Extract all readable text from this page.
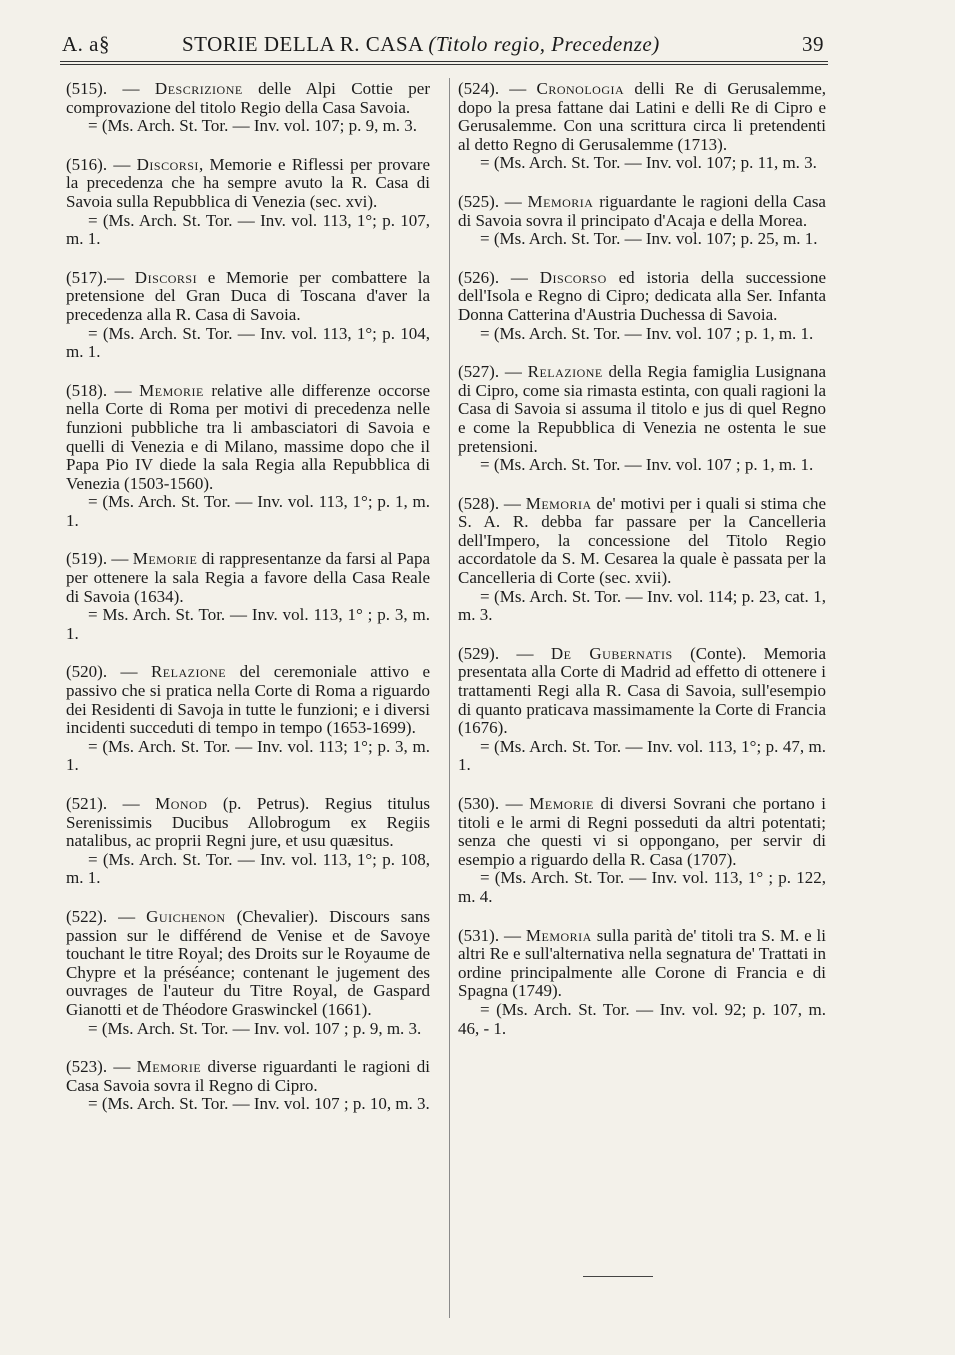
A. a§	STORIE DELLA R. CASA (Titolo regio, Precedenze)	39

(515). — Descrizione delle Alpi Cottie per comprovazione del titolo Regio della Casa Savoia.

= (Ms. Arch. St. Tor. — Inv. vol. 107; p. 9, m. 3.

(516). — Discorsi, Memorie e Riflessi per provare la precedenza che ha sempre avuto la R. Casa di Savoia sulla Repubblica di Venezia (sec. xvi).

= (Ms. Arch. St. Tor. — Inv. vol. 113, 1°; p. 107, m. 1.

(517).— Discorsi e Memorie per combattere la pretensione del Gran Duca di Toscana d'aver la precedenza alla R. Casa di Savoia.

= (Ms. Arch. St. Tor. — Inv. vol. 113, 1°; p. 104, m. 1.

(518). — Memorie relative alle differenze occorse nella Corte di Roma per motivi di precedenza nelle funzioni pubbliche tra li ambasciatori di Savoia e quelli di Venezia e di Milano, massime dopo che il Papa Pio IV diede la sala Regia alla Repubblica di Venezia (1503-1560).

= (Ms. Arch. St. Tor. — Inv. vol. 113, 1°; p. 1, m. 1.

(519). — Memorie di rappresentanze da farsi al Papa per ottenere la sala Regia a favore della Casa Reale di Savoia (1634).

= Ms. Arch. St. Tor. — Inv. vol. 113, 1° ; p. 3, m. 1.

(520). — Relazione del ceremoniale attivo e passivo che si pratica nella Corte di Roma a riguardo dei Residenti di Savoja in tutte le funzioni; e i diversi incidenti succeduti di tempo in tempo (1653-1699).

= (Ms. Arch. St. Tor. — Inv. vol. 113; 1°; p. 3, m. 1.

(521). — Monod (p. Petrus). Regius titulus Serenissimis Ducibus Allobrogum ex Regiis natalibus, ac proprii Regni jure, et usu quæsitus.

= (Ms. Arch. St. Tor. — Inv. vol. 113, 1°; p. 108, m. 1.

(522). — Guichenon (Chevalier). Discours sans passion sur le différend de Venise et de Savoye touchant le titre Royal; des Droits sur le Royaume de Chypre et la préséance; contenant le jugement des ouvrages de l'auteur du Titre Royal, de Gaspard Gianotti et de Théodore Graswinckel (1661).

= (Ms. Arch. St. Tor. — Inv. vol. 107 ; p. 9, m. 3.

(523). — Memorie diverse riguardanti le ragioni di Casa Savoia sovra il Regno di Cipro.

= (Ms. Arch. St. Tor. — Inv. vol. 107 ; p. 10, m. 3.

(524). — Cronologia delli Re di Gerusalemme, dopo la presa fattane dai Latini e delli Re di Cipro e Gerusalemme. Con una scrittura circa li pretendenti al detto Regno di Gerusalemme (1713).

= (Ms. Arch. St. Tor. — Inv. vol. 107; p. 11, m. 3.

(525). — Memoria riguardante le ragioni della Casa di Savoia sovra il principato d'Acaja e della Morea.

= (Ms. Arch. St. Tor. — Inv. vol. 107; p. 25, m. 1.

(526). — Discorso ed istoria della successione dell'Isola e Regno di Cipro; dedicata alla Ser. Infanta Donna Catterina d'Austria Duchessa di Savoia.

= (Ms. Arch. St. Tor. — Inv. vol. 107 ; p. 1, m. 1.

(527). — Relazione della Regia famiglia Lusignana di Cipro, come sia rimasta estinta, con quali ragioni la Casa di Savoia si assuma il titolo e jus di quel Regno e come la Repubblica di Venezia ne ostenta le sue pretensioni.

= (Ms. Arch. St. Tor. — Inv. vol. 107 ; p. 1, m. 1.

(528). — Memoria de' motivi per i quali si stima che S. A. R. debba far passare per la Cancelleria dell'Impero, la concessione del Titolo Regio accordatole da S. M. Cesarea la quale è passata per la Cancelleria di Corte (sec. xvii).

= (Ms. Arch. St. Tor. — Inv. vol. 114; p. 23, cat. 1, m. 3.

(529). — De Gubernatis (Conte). Memoria presentata alla Corte di Madrid ad effetto di ottenere i trattamenti Regi alla R. Casa di Savoia, sull'esempio di quanto praticava massimamente la Corte di Francia (1676).

= (Ms. Arch. St. Tor. — Inv. vol. 113, 1°; p. 47, m. 1.

(530). — Memorie di diversi Sovrani che portano i titoli e le armi di Regni posseduti da altri potentati; senza che questi vi si oppongano, per servir di esempio a riguardo della R. Casa (1707).

= (Ms. Arch. St. Tor. — Inv. vol. 113, 1° ; p. 122, m. 4.

(531). — Memoria sulla parità de' titoli tra S. M. e li altri Re e sull'alternativa nella segnatura de' Trattati in ordine principalmente alle Corone di Francia e di Spagna (1749).

= (Ms. Arch. St. Tor. — Inv. vol. 92; p. 107, m. 46, - 1.
